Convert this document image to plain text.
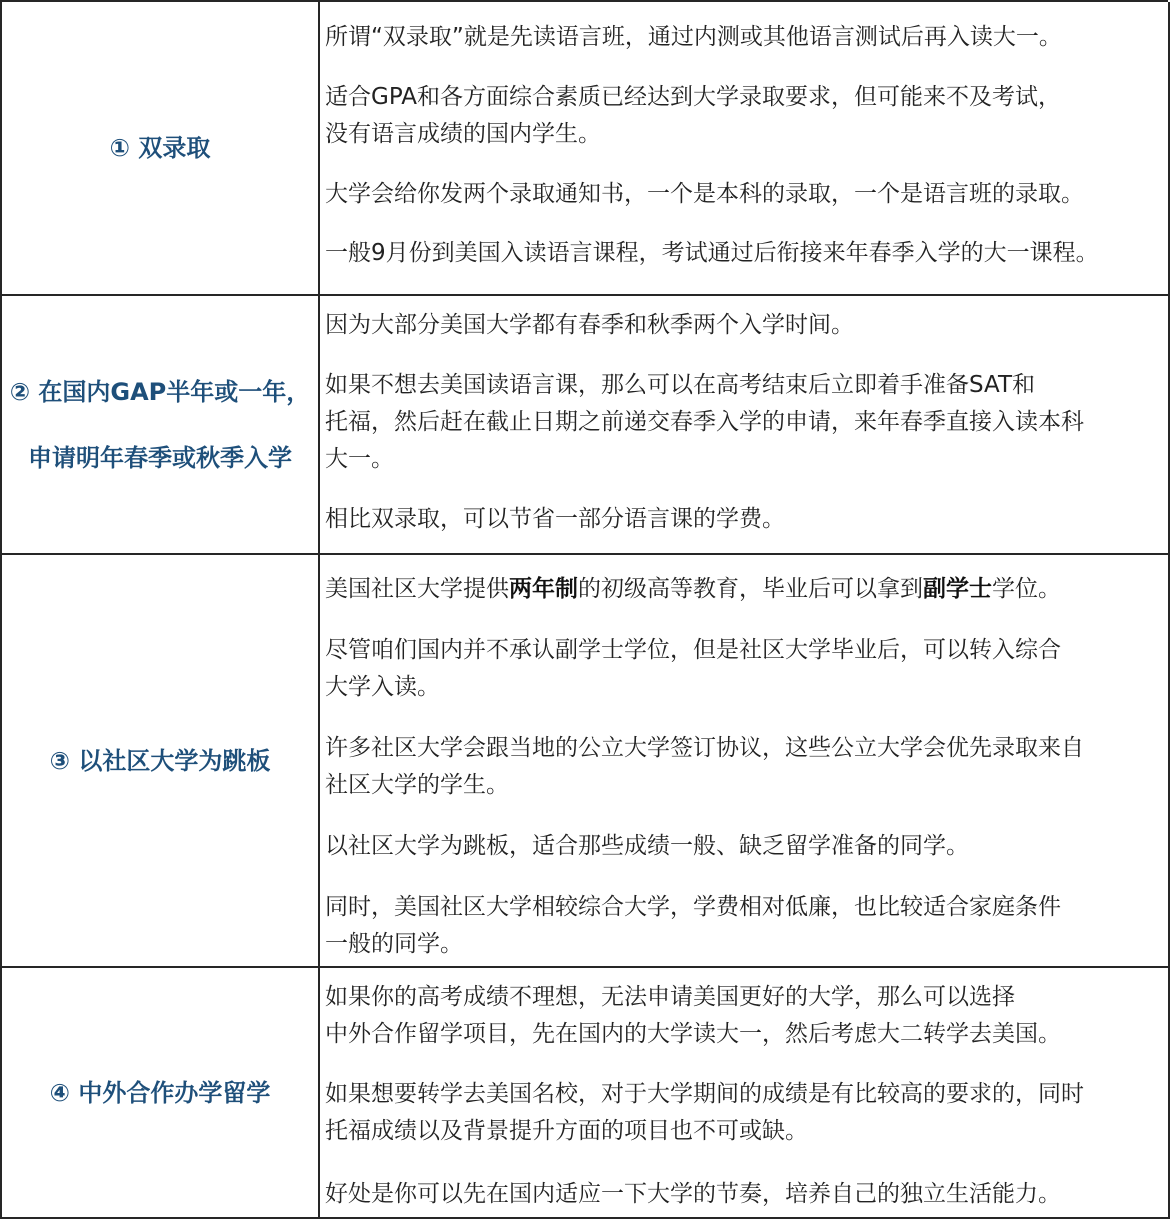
① 双录取

所谓“双录取”就是先读语言班，通过内测或其他语言测试后再入读大一。

适合GPA和各方面综合素质已经达到大学录取要求，但可能来不及考试，
没有语言成绩的国内学生。

大学会给你发两个录取通知书，一个是本科的录取，一个是语言班的录取。

一般9月份到美国入读语言课程，考试通过后衔接来年春季入学的大一课程。

② 在国内GAP半年或一年，
申请明年春季或秋季入学

因为大部分美国大学都有春季和秋季两个入学时间。

如果不想去美国读语言课，那么可以在高考结束后立即着手准备SAT和
托福，然后赶在截止日期之前递交春季入学的申请，来年春季直接入读本科
大一。

相比双录取，可以节省一部分语言课的学费。

③ 以社区大学为跳板

美国社区大学提供两年制的初级高等教育，毕业后可以拿到副学士学位。

尽管咱们国内并不承认副学士学位，但是社区大学毕业后，可以转入综合
大学入读。

许多社区大学会跟当地的公立大学签订协议，这些公立大学会优先录取来自
社区大学的学生。

以社区大学为跳板，适合那些成绩一般、缺乏留学准备的同学。

同时，美国社区大学相较综合大学，学费相对低廉，也比较适合家庭条件
一般的同学。

④ 中外合作办学留学

如果你的高考成绩不理想，无法申请美国更好的大学，那么可以选择
中外合作留学项目，先在国内的大学读大一，然后考虑大二转学去美国。

如果想要转学去美国名校，对于大学期间的成绩是有比较高的要求的，同时
托福成绩以及背景提升方面的项目也不可或缺。

好处是你可以先在国内适应一下大学的节奏，培养自己的独立生活能力。
